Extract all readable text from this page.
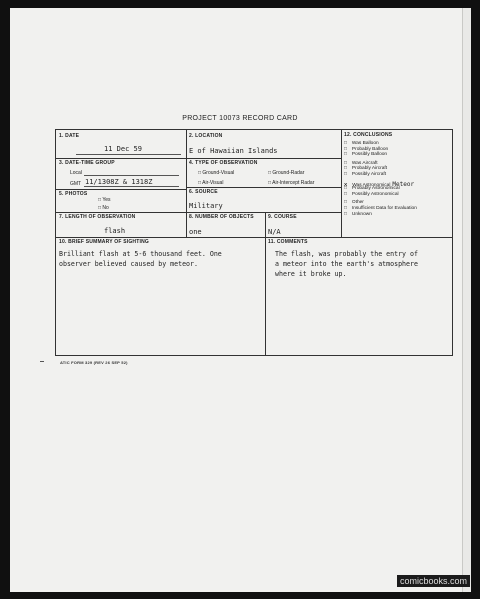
PROJECT 10073 RECORD CARD
1. DATE
11 Dec 59
2. LOCATION
E of Hawaiian Islands
3. DATE-TIME GROUP
Local
GMT 11/1308Z & 1318Z
4. TYPE OF OBSERVATION
□ Ground-Visual	□ Ground-Radar
□ Air-Visual	□ Air-Intercept Radar
5. PHOTOS
□ Yes
□ No
6. SOURCE
Military
7. LENGTH OF OBSERVATION
flash
8. NUMBER OF OBJECTS
one
9. COURSE
N/A
12. CONCLUSIONS
□ Was Balloon
□ Probably Balloon
□ Possibly Balloon
□ Was Aircraft
□ Probably Aircraft
□ Possibly Aircraft
X Was Astronomical Meteor
□ Probably Astronomical
□ Possibly Astronomical
□ Other
□ Insufficient Data for Evaluation
□ Unknown
10. BRIEF SUMMARY OF SIGHTING
Brilliant flash at 5-6 thousand feet. One
observer believed caused by meteor.
11. COMMENTS
The flash, was probably the entry of
a meteor into the earth's atmosphere
where it broke up.
ATIC FORM 329 (REV 26 SEP 52)
comicbooks.com
